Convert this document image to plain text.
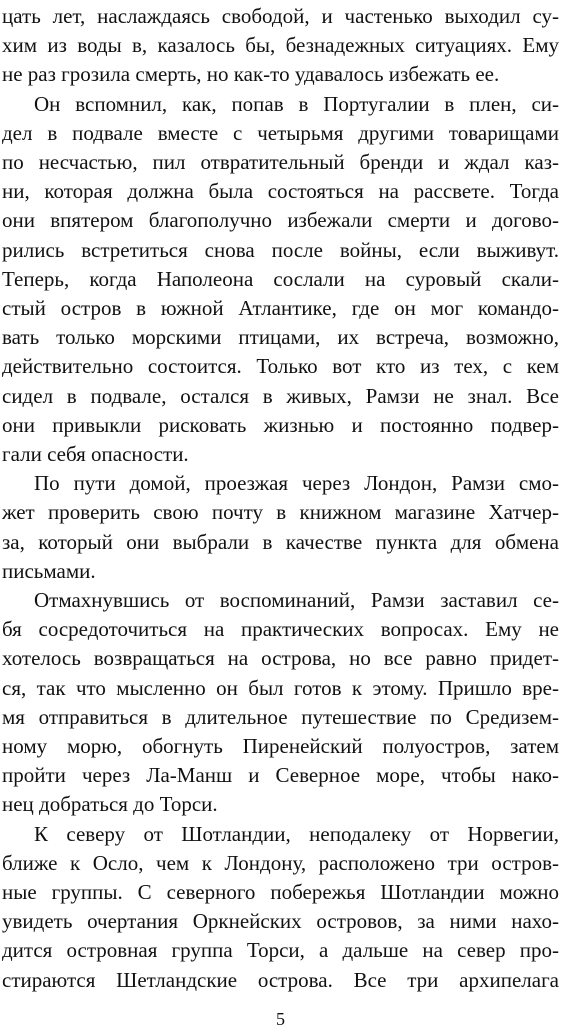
цать лет, наслаждаясь свободой, и частенько выходил су-
хим из воды в, казалось бы, безнадежных ситуациях. Ему
не раз грозила смерть, но как-то удавалось избежать ее.
Он вспомнил, как, попав в Португалии в плен, си-
дел в подвале вместе с четырьмя другими товарищами
по несчастью, пил отвратительный бренди и ждал каз-
ни, которая должна была состояться на рассвете. Тогда
они впятером благополучно избежали смерти и догово-
рились встретиться снова после войны, если выживут.
Теперь, когда Наполеона сослали на суровый скали-
стый остров в южной Атлантике, где он мог командо-
вать только морскими птицами, их встреча, возможно,
действительно состоится. Только вот кто из тех, с кем
сидел в подвале, остался в живых, Рамзи не знал. Все
они привыкли рисковать жизнью и постоянно подвер-
гали себя опасности.
По пути домой, проезжая через Лондон, Рамзи смо-
жет проверить свою почту в книжном магазине Хатчер-
за, который они выбрали в качестве пункта для обмена
письмами.
Отмахнувшись от воспоминаний, Рамзи заставил се-
бя сосредоточиться на практических вопросах. Ему не
хотелось возвращаться на острова, но все равно придет-
ся, так что мысленно он был готов к этому. Пришло вре-
мя отправиться в длительное путешествие по Средизем-
ному морю, обогнуть Пиренейский полуостров, затем
пройти через Ла-Манш и Северное море, чтобы нако-
нец добраться до Торси.
К северу от Шотландии, неподалеку от Норвегии,
ближе к Осло, чем к Лондону, расположено три остров-
ные группы. С северного побережья Шотландии можно
увидеть очертания Оркнейских островов, за ними нахо-
дится островная группа Торси, а дальше на север про-
стираются Шетландские острова. Все три архипелага
5
